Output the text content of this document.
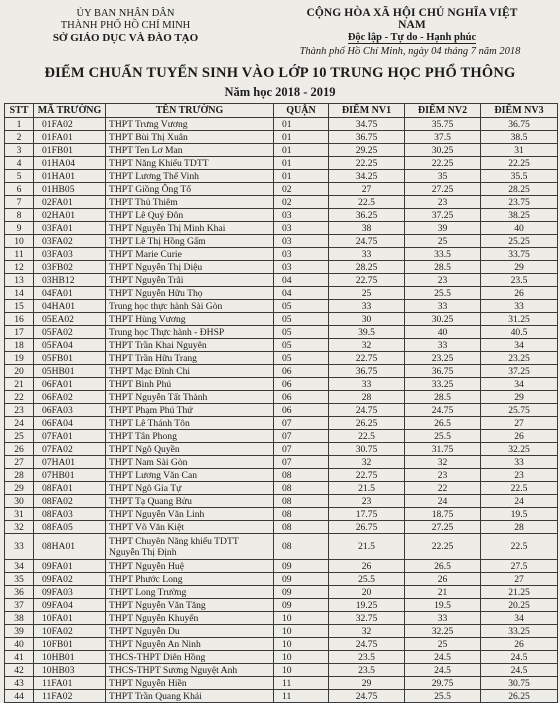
ỦY BAN NHÂN DÂN
THÀNH PHỐ HỒ CHÍ MINH
SỞ GIÁO DỤC VÀ ĐÀO TẠO
CỘNG HÒA XÃ HỘI CHỦ NGHĨA VIỆT NAM
Độc lập - Tự do - Hạnh phúc
Thành phố Hồ Chí Minh, ngày 04 tháng 7 năm 2018
ĐIỂM CHUẨN TUYỂN SINH VÀO LỚP 10 TRUNG HỌC PHỔ THÔNG
Năm học 2018 - 2019
STT	MÃ TRƯỜNG	TÊN TRƯỜNG	QUẬN	ĐIỂM NV1	ĐIỂM NV2	ĐIỂM NV3
1	01FA02	THPT Trưng Vương	01	34.75	35.75	36.75
2	01FA01	THPT Bùi Thị Xuân	01	36.75	37.5	38.5
3	01FB01	THPT Ten Lơ Man	01	29.25	30.25	31
4	01HA04	THPT Năng Khiếu TDTT	01	22.25	22.25	22.25
5	01HA01	THPT Lương Thế Vinh	01	34.25	35	35.5
6	01HB05	THPT Giồng Ông Tố	02	27	27.25	28.25
7	02FA01	THPT Thủ Thiêm	02	22.5	23	23.75
8	02HA01	THPT Lê Quý Đôn	03	36.25	37.25	38.25
9	03FA01	THPT Nguyễn Thị Minh Khai	03	38	39	40
10	03FA02	THPT Lê Thị Hồng Gấm	03	24.75	25	25.25
11	03FA03	THPT Marie Curie	03	33	33.5	33.75
12	03FB02	THPT Nguyễn Thị Diệu	03	28.25	28.5	29
13	03HB12	THPT Nguyễn Trãi	04	22.75	23	23.5
14	04FA01	THPT Nguyễn Hữu Thọ	04	25	25.5	26
15	04HA01	Trung học thực hành Sài Gòn	05	33	33	33
16	05EA02	THPT Hùng Vương	05	30	30.25	31.25
17	05FA02	Trung học Thực hành - ĐHSP	05	39.5	40	40.5
18	05FA04	THPT Trần Khai Nguyên	05	32	33	34
19	05FB01	THPT Trần Hữu Trang	05	22.75	23.25	23.25
20	05HB01	THPT Mạc Đĩnh Chi	06	36.75	36.75	37.25
21	06FA01	THPT Bình Phú	06	33	33.25	34
22	06FA02	THPT Nguyễn Tất Thành	06	28	28.5	29
23	06FA03	THPT Phạm Phú Thứ	06	24.75	24.75	25.75
24	06FA04	THPT Lê Thánh Tôn	07	26.25	26.5	27
25	07FA01	THPT Tân Phong	07	22.5	25.5	26
26	07FA02	THPT Ngô Quyền	07	30.75	31.75	32.25
27	07HA01	THPT Nam Sài Gòn	07	32	32	33
28	07HB01	THPT Lương Văn Can	08	22.75	23	23
29	08FA01	THPT Ngô Gia Tự	08	21.5	22	22.5
30	08FA02	THPT Tạ Quang Bửu	08	23	24	24
31	08FA03	THPT Nguyễn Văn Linh	08	17.75	18.75	19.5
32	08FA05	THPT Võ Văn Kiệt	08	26.75	27.25	28
33	08HA01	THPT Chuyên Năng khiếu TDTT Nguyễn Thị Định	08	21.5	22.25	22.5
34	09FA01	THPT Nguyễn Huệ	09	26	26.5	27.5
35	09FA02	THPT Phước Long	09	25.5	26	27
36	09FA03	THPT Long Trường	09	20	21	21.25
37	09FA04	THPT Nguyễn Văn Tăng	09	19.25	19.5	20.25
38	10FA01	THPT Nguyễn Khuyến	10	32.75	33	34
39	10FA02	THPT Nguyễn Du	10	32	32.25	33.25
40	10FB01	THPT Nguyễn An Ninh	10	24.75	25	26
41	10HB01	THCS-THPT Diên Hồng	10	23.5	24.5	24.5
42	10HB03	THCS-THPT Sương Nguyệt Anh	10	23.5	24.5	24.5
43	11FA01	THPT Nguyễn Hiền	11	29	29.75	30.75
44	11FA02	THPT Trần Quang Khải	11	24.75	25.5	26.25
